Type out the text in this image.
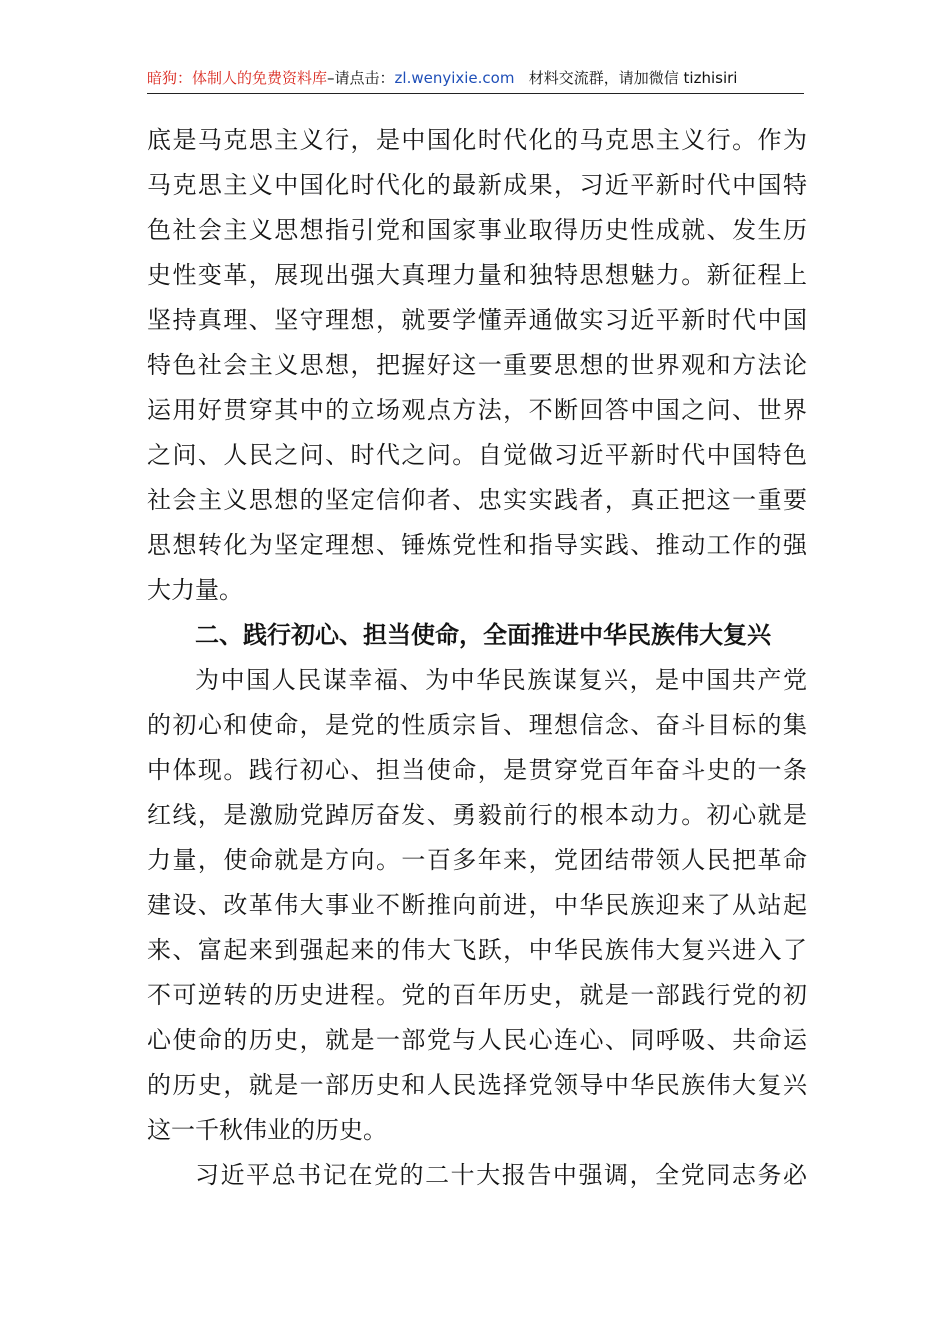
暗狗：体制人的免费资料库–请点击：zl.wenyixie.com 材料交流群，请加微信 tizhisiri
底是马克思主义行，是中国化时代化的马克思主义行。作为
马克思主义中国化时代化的最新成果，习近平新时代中国特
色社会主义思想指引党和国家事业取得历史性成就、发生历
史性变革，展现出强大真理力量和独特思想魅力。新征程上
坚持真理、坚守理想，就要学懂弄通做实习近平新时代中国
特色社会主义思想，把握好这一重要思想的世界观和方法论
运用好贯穿其中的立场观点方法，不断回答中国之问、世界
之问、人民之问、时代之问。自觉做习近平新时代中国特色
社会主义思想的坚定信仰者、忠实实践者，真正把这一重要
思想转化为坚定理想、锤炼党性和指导实践、推动工作的强
大力量。
二、践行初心、担当使命，全面推进中华民族伟大复兴
为中国人民谋幸福、为中华民族谋复兴，是中国共产党
的初心和使命，是党的性质宗旨、理想信念、奋斗目标的集
中体现。践行初心、担当使命，是贯穿党百年奋斗史的一条
红线，是激励党踔厉奋发、勇毅前行的根本动力。初心就是
力量，使命就是方向。一百多年来，党团结带领人民把革命
建设、改革伟大事业不断推向前进，中华民族迎来了从站起
来、富起来到强起来的伟大飞跃，中华民族伟大复兴进入了
不可逆转的历史进程。党的百年历史，就是一部践行党的初
心使命的历史，就是一部党与人民心连心、同呼吸、共命运
的历史，就是一部历史和人民选择党领导中华民族伟大复兴
这一千秋伟业的历史。
习近平总书记在党的二十大报告中强调，全党同志务必
